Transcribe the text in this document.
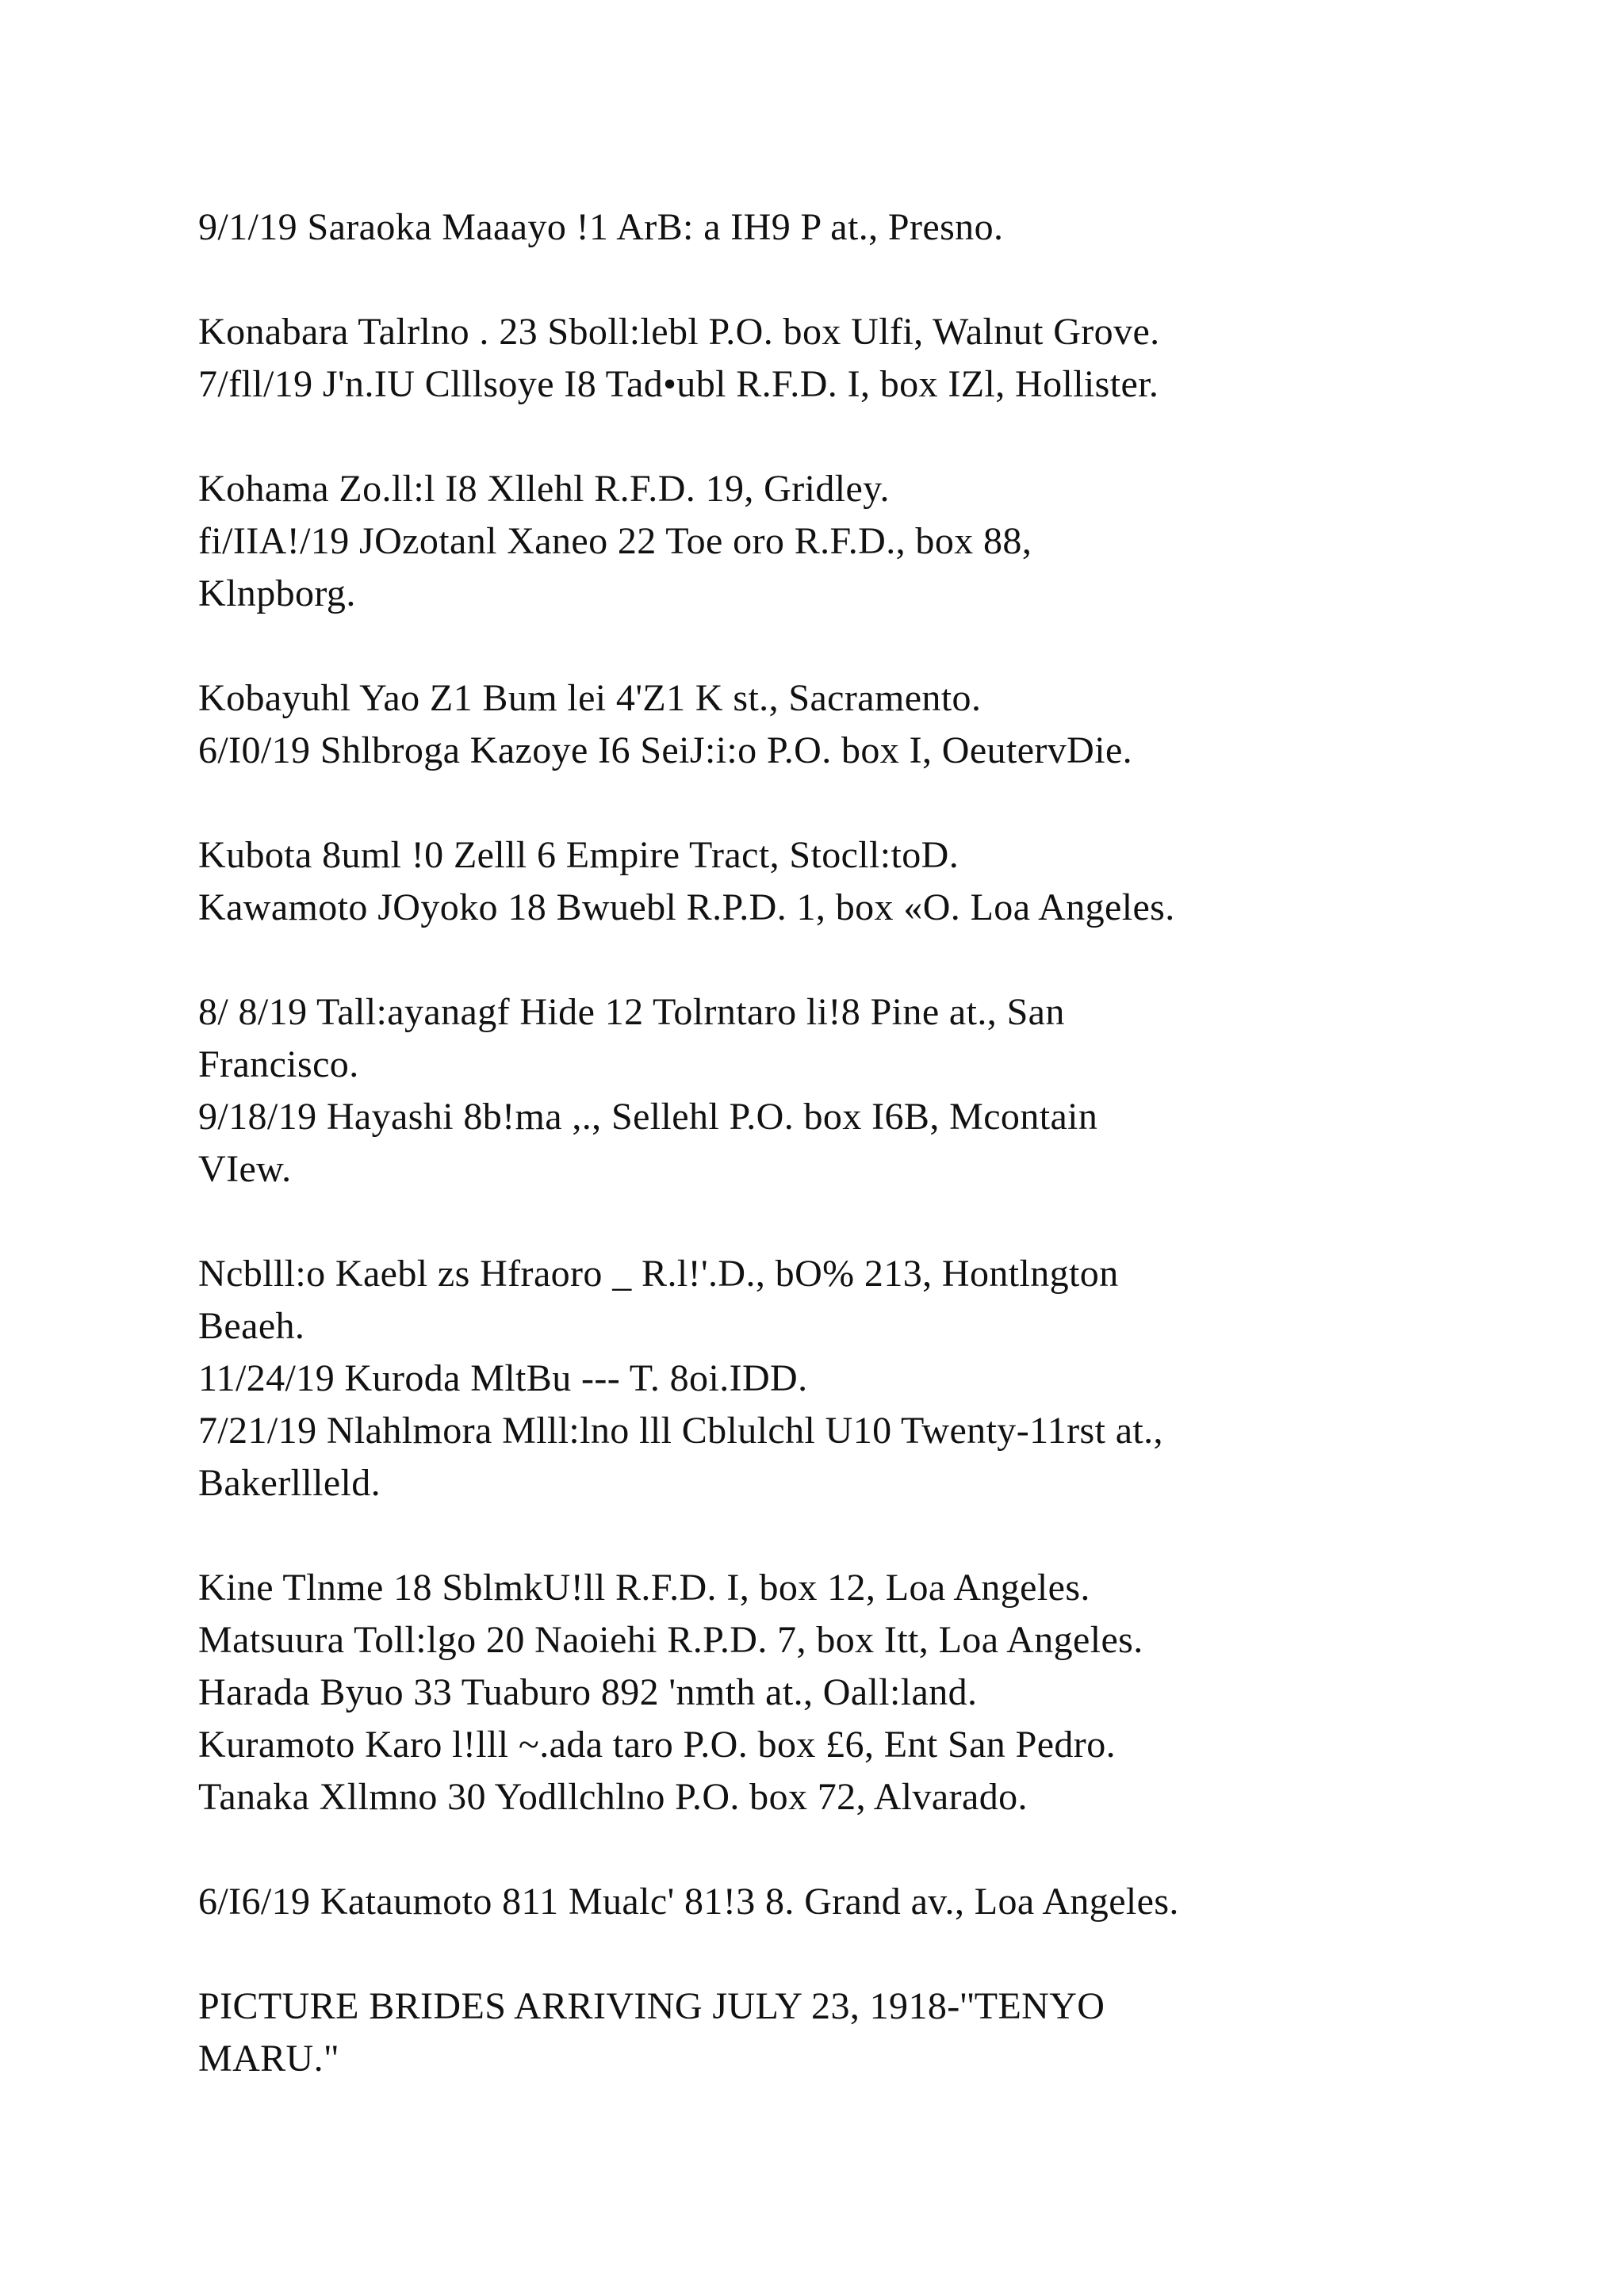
9/1/19 Saraoka Maaayo !1 ArB: a IH9 P at., Presno.

Konabara Talrlno . 23 Sboll:lebl P.O. box Ulfi, Walnut Grove.
7/fll/19 J'n.IU Clllsoye I8 Tad•ubl R.F.D. I, box IZl, Hollister.

Kohama Zo.ll:l I8 Xllehl R.F.D. 19, Gridley.
fi/IIA!/19 JOzotanl Xaneo 22 Toe oro R.F.D., box 88,
Klnpborg.

Kobayuhl Yao Z1 Bum lei 4'Z1 K st., Sacramento.
6/I0/19 Shlbroga Kazoye I6 SeiJ:i:o P.O. box I, OeutervDie.

Kubota 8uml !0 Zelll 6 Empire Tract, Stocll:toD.
Kawamoto JOyoko 18 Bwuebl R.P.D. 1, box «O. Loa Angeles.

8/ 8/19 Tall:ayanagf Hide 12 Tolrntaro li!8 Pine at., San
Francisco.
9/18/19 Hayashi 8b!ma ,., Sellehl P.O. box I6B, Mcontain
VIew.

Ncblll:o Kaebl zs Hfraoro _ R.l!'.D., bO% 213, Hontlngton
Beaeh.
11/24/19 Kuroda MltBu --- T. 8oi.IDD.
7/21/19 Nlahlmora Mlll:lno lll Cblulchl U10 Twenty-11rst at.,
Bakerllleld.

Kine Tlnme 18 SblmkU!ll R.F.D. I, box 12, Loa Angeles.
Matsuura Toll:lgo 20 Naoiehi R.P.D. 7, box Itt, Loa Angeles.
Harada Byuo 33 Tuaburo 892 'nmth at., Oall:land.
Kuramoto Karo l!lll ~.ada taro P.O. box £6, Ent San Pedro.
Tanaka Xllmno 30 Yodllchlno P.O. box 72, Alvarado.

6/I6/19 Kataumoto 811 Mualc' 81!3 8. Grand av., Loa Angeles.

PICTURE BRIDES ARRIVING JULY 23, 1918-''TENYO
MARU."
